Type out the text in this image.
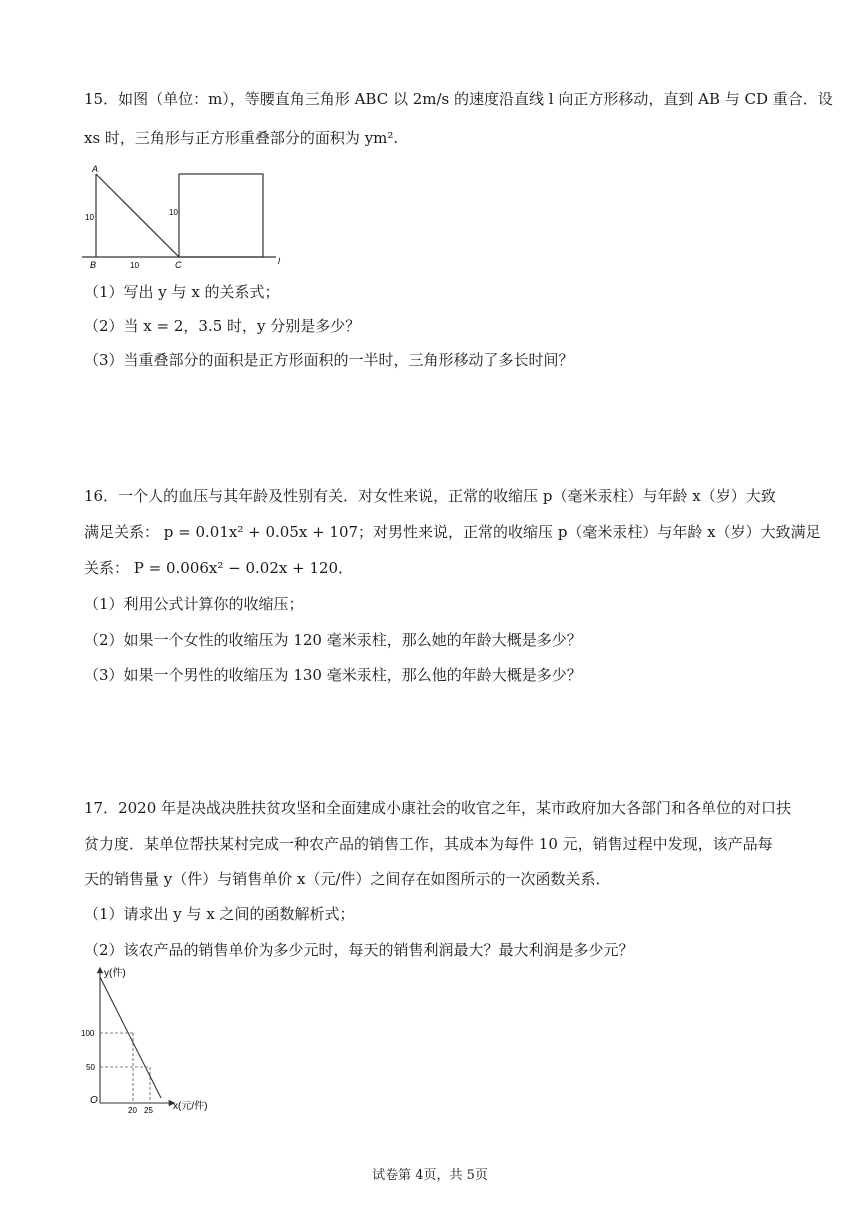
15．如图（单位：m），等腰直角三角形 ABC 以 2m/s 的速度沿直线 l 向正方形移动，直到 AB 与 CD 重合．设
xs 时，三角形与正方形重叠部分的面积为 ym².
A
B	C	l
10
10
10
（1）写出 y 与 x 的关系式；
（2）当 x = 2，3.5 时，y 分别是多少？
（3）当重叠部分的面积是正方形面积的一半时，三角形移动了多长时间？
16．一个人的血压与其年龄及性别有关．对女性来说，正常的收缩压 p（毫米汞柱）与年龄 x（岁）大致
满足关系： p = 0.01x² + 0.05x + 107；对男性来说，正常的收缩压 p（毫米汞柱）与年龄 x（岁）大致满足
关系： P = 0.006x² − 0.02x + 120．
（1）利用公式计算你的收缩压；
（2）如果一个女性的收缩压为 120 毫米汞柱，那么她的年龄大概是多少？
（3）如果一个男性的收缩压为 130 毫米汞柱，那么他的年龄大概是多少？
17．2020 年是决战决胜扶贫攻坚和全面建成小康社会的收官之年，某市政府加大各部门和各单位的对口扶
贫力度．某单位帮扶某村完成一种农产品的销售工作，其成本为每件 10 元，销售过程中发现，该产品每
天的销售量 y（件）与销售单价 x（元/件）之间存在如图所示的一次函数关系．
（1）请求出 y 与 x 之间的函数解析式；
（2）该农产品的销售单价为多少元时，每天的销售利润最大？最大利润是多少元？
y(件)
x(元/件)
O
100
50
20 25
试卷第 4页，共 5页
